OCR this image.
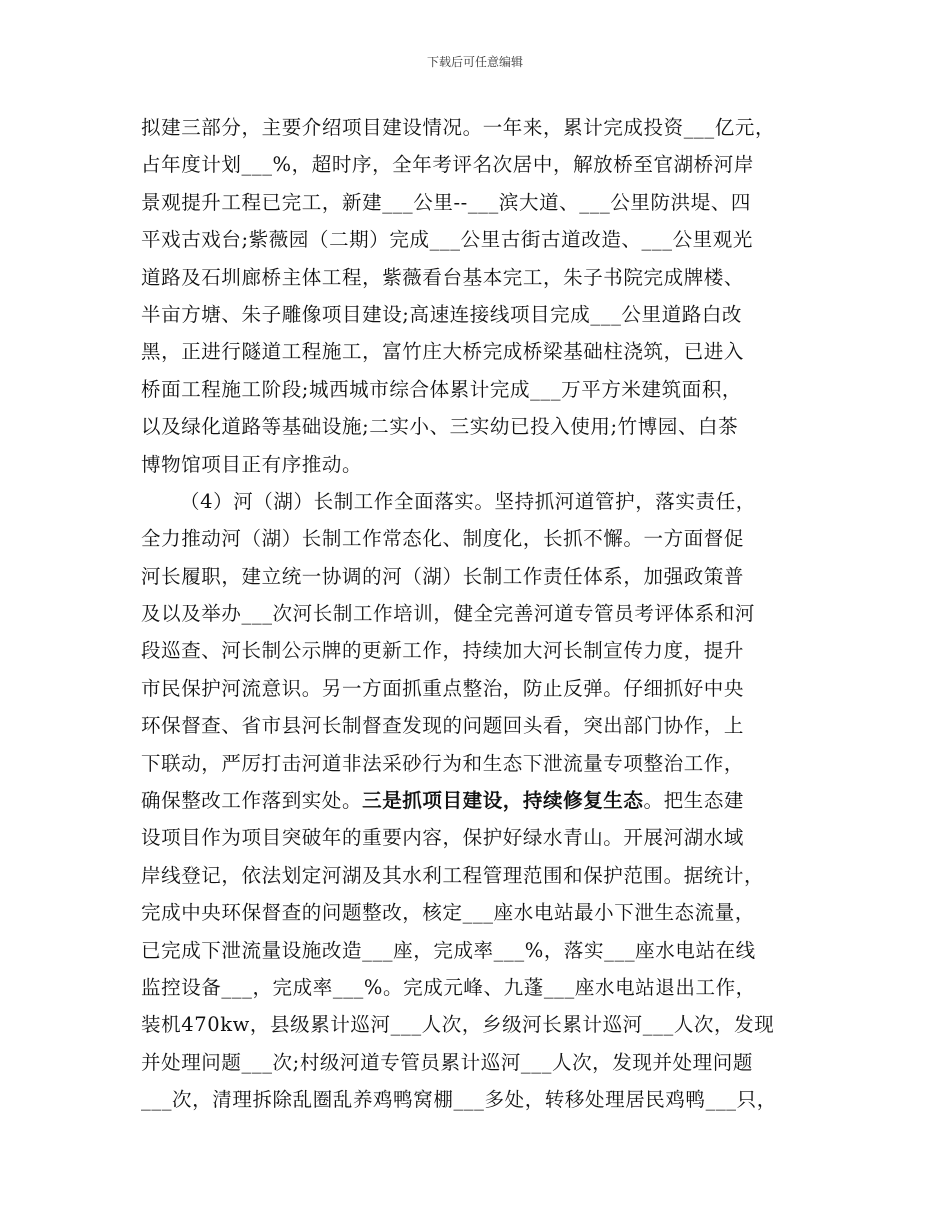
下载后可任意编辑
拟建三部分，主要介绍项目建设情况。一年来，累计完成投资___亿元，
占年度计划___%，超时序，全年考评名次居中，解放桥至官湖桥河岸
景观提升工程已完工，新建___公里--___滨大道、___公里防洪堤、四
平戏古戏台;紫薇园（二期）完成___公里古街古道改造、___公里观光
道路及石圳廊桥主体工程，紫薇看台基本完工，朱子书院完成牌楼、
半亩方塘、朱子雕像项目建设;高速连接线项目完成___公里道路白改
黑，正进行隧道工程施工，富竹庄大桥完成桥梁基础柱浇筑，已进入
桥面工程施工阶段;城西城市综合体累计完成___万平方米建筑面积，
以及绿化道路等基础设施;二实小、三实幼已投入使用;竹博园、白茶
博物馆项目正有序推动。
（4）河（湖）长制工作全面落实。坚持抓河道管护，落实责任，
全力推动河（湖）长制工作常态化、制度化，长抓不懈。一方面督促
河长履职，建立统一协调的河（湖）长制工作责任体系，加强政策普
及以及举办___次河长制工作培训，健全完善河道专管员考评体系和河
段巡查、河长制公示牌的更新工作，持续加大河长制宣传力度，提升
市民保护河流意识。另一方面抓重点整治，防止反弹。仔细抓好中央
环保督查、省市县河长制督查发现的问题回头看，突出部门协作，上
下联动，严厉打击河道非法采砂行为和生态下泄流量专项整治工作，
确保整改工作落到实处。三是抓项目建设，持续修复生态。把生态建
设项目作为项目突破年的重要内容，保护好绿水青山。开展河湖水域
岸线登记，依法划定河湖及其水利工程管理范围和保护范围。据统计，
完成中央环保督查的问题整改，核定___座水电站最小下泄生态流量，
已完成下泄流量设施改造___座，完成率___%，落实___座水电站在线
监控设备___，完成率___%。完成元峰、九蓬___座水电站退出工作，
装机470kw，县级累计巡河___人次，乡级河长累计巡河___人次，发现
并处理问题___次;村级河道专管员累计巡河___人次，发现并处理问题
___次，清理拆除乱圈乱养鸡鸭窝棚___多处，转移处理居民鸡鸭___只，
